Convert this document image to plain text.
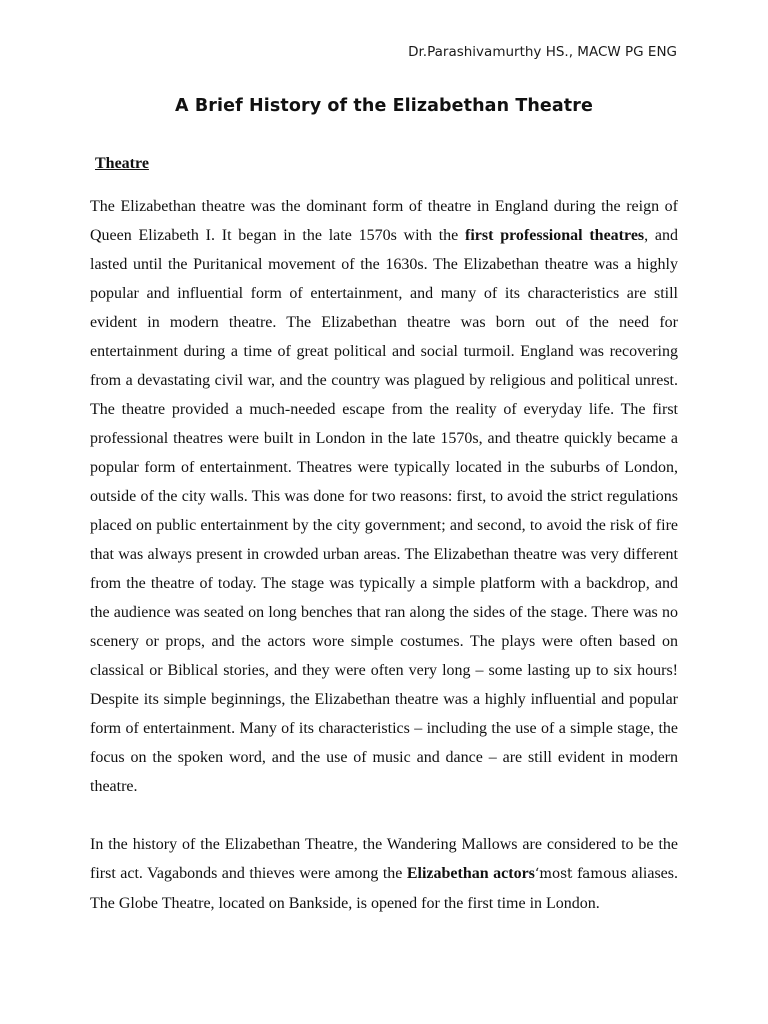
Dr.Parashivamurthy HS., MACW PG ENG
A Brief History of the Elizabethan Theatre
Theatre

The Elizabethan theatre was the dominant form of theatre in England during the reign of Queen Elizabeth I. It began in the late 1570s with the first professional theatres, and lasted until the Puritanical movement of the 1630s. The Elizabethan theatre was a highly popular and influential form of entertainment, and many of its characteristics are still evident in modern theatre. The Elizabethan theatre was born out of the need for entertainment during a time of great political and social turmoil. England was recovering from a devastating civil war, and the country was plagued by religious and political unrest. The theatre provided a much-needed escape from the reality of everyday life. The first professional theatres were built in London in the late 1570s, and theatre quickly became a popular form of entertainment. Theatres were typically located in the suburbs of London, outside of the city walls. This was done for two reasons: first, to avoid the strict regulations placed on public entertainment by the city government; and second, to avoid the risk of fire that was always present in crowded urban areas. The Elizabethan theatre was very different from the theatre of today. The stage was typically a simple platform with a backdrop, and the audience was seated on long benches that ran along the sides of the stage. There was no scenery or props, and the actors wore simple costumes. The plays were often based on classical or Biblical stories, and they were often very long – some lasting up to six hours! Despite its simple beginnings, the Elizabethan theatre was a highly influential and popular form of entertainment. Many of its characteristics – including the use of a simple stage, the focus on the spoken word, and the use of music and dance – are still evident in modern theatre.

In the history of the Elizabethan Theatre, the Wandering Mallows are considered to be the first act. Vagabonds and thieves were among the Elizabethan actors‘most famous aliases. The Globe Theatre, located on Bankside, is opened for the first time in London.
